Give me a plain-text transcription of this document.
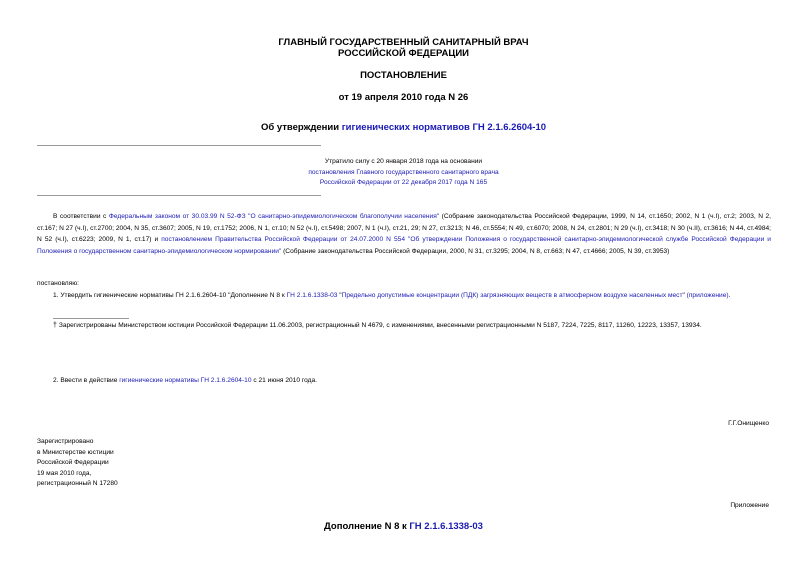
ГЛАВНЫЙ ГОСУДАРСТВЕННЫЙ САНИТАРНЫЙ ВРАЧ
РОССИЙСКОЙ ФЕДЕРАЦИИ
ПОСТАНОВЛЕНИЕ
от 19 апреля 2010 года N 26
Об утверждении гигиенических нормативов ГН 2.1.6.2604-10

Утратило силу с 20 января 2018 года на основании

постановления Главного государственного санитарного врача

Российской Федерации от 22 декабря 2017 года N 165

В соответствии с Федеральным законом от 30.03.99 N 52-ФЗ "О санитарно-эпидемиологическом благополучии населения" (Собрание законодательства Российской Федерации, 1999, N 14, ст.1650; 2002, N 1 (ч.I), ст.2; 2003, N 2, ст.167; N 27 (ч.I), ст.2700; 2004, N 35, ст.3607; 2005, N 19, ст.1752; 2006, N 1, ст.10; N 52 (ч.I), ст.5498; 2007, N 1 (ч.I), ст.21, 29; N 27, ст.3213; N 46, ст.5554; N 49, ст.6070; 2008, N 24, ст.2801; N 29 (ч.I), ст.3418; N 30 (ч.II), ст.3616; N 44, ст.4984; N 52 (ч.I), ст.6223; 2009, N 1, ст.17) и постановлением Правительства Российской Федерации от 24.07.2000 N 554 "Об утверждении Положения о государственной санитарно-эпидемиологической службе Российской Федерации и Положения о государственном санитарно-эпидемиологическом нормировании" (Собрание законодательства Российской Федерации, 2000, N 31, ст.3295; 2004, N 8, ст.663; N 47, ст.4666; 2005, N 39, ст.3953)
постановляю:
1. Утвердить гигиенические нормативы ГН 2.1.6.2604-10 "Дополнение N 8 к ГН 2.1.6.1338-03 "Предельно допустимые концентрации (ПДК) загрязняющих веществ в атмосферном воздухе населенных мест" (приложение).
† Зарегистрированы Министерством юстиции Российской Федерации 11.06.2003, регистрационный N 4679, с изменениями, внесенными регистрационными N 5187, 7224, 7225, 8117, 11260, 12223, 13357, 13934.
2. Ввести в действие гигиенические нормативы ГН 2.1.6.2604-10 с 21 июня 2010 года.
Г.Г.Онищенко

Зарегистрировано

в Министерстве юстиции

Российской Федерации

19 мая 2010 года,

регистрационный N 17280

Приложение
Дополнение N 8 к ГН 2.1.6.1338-03
